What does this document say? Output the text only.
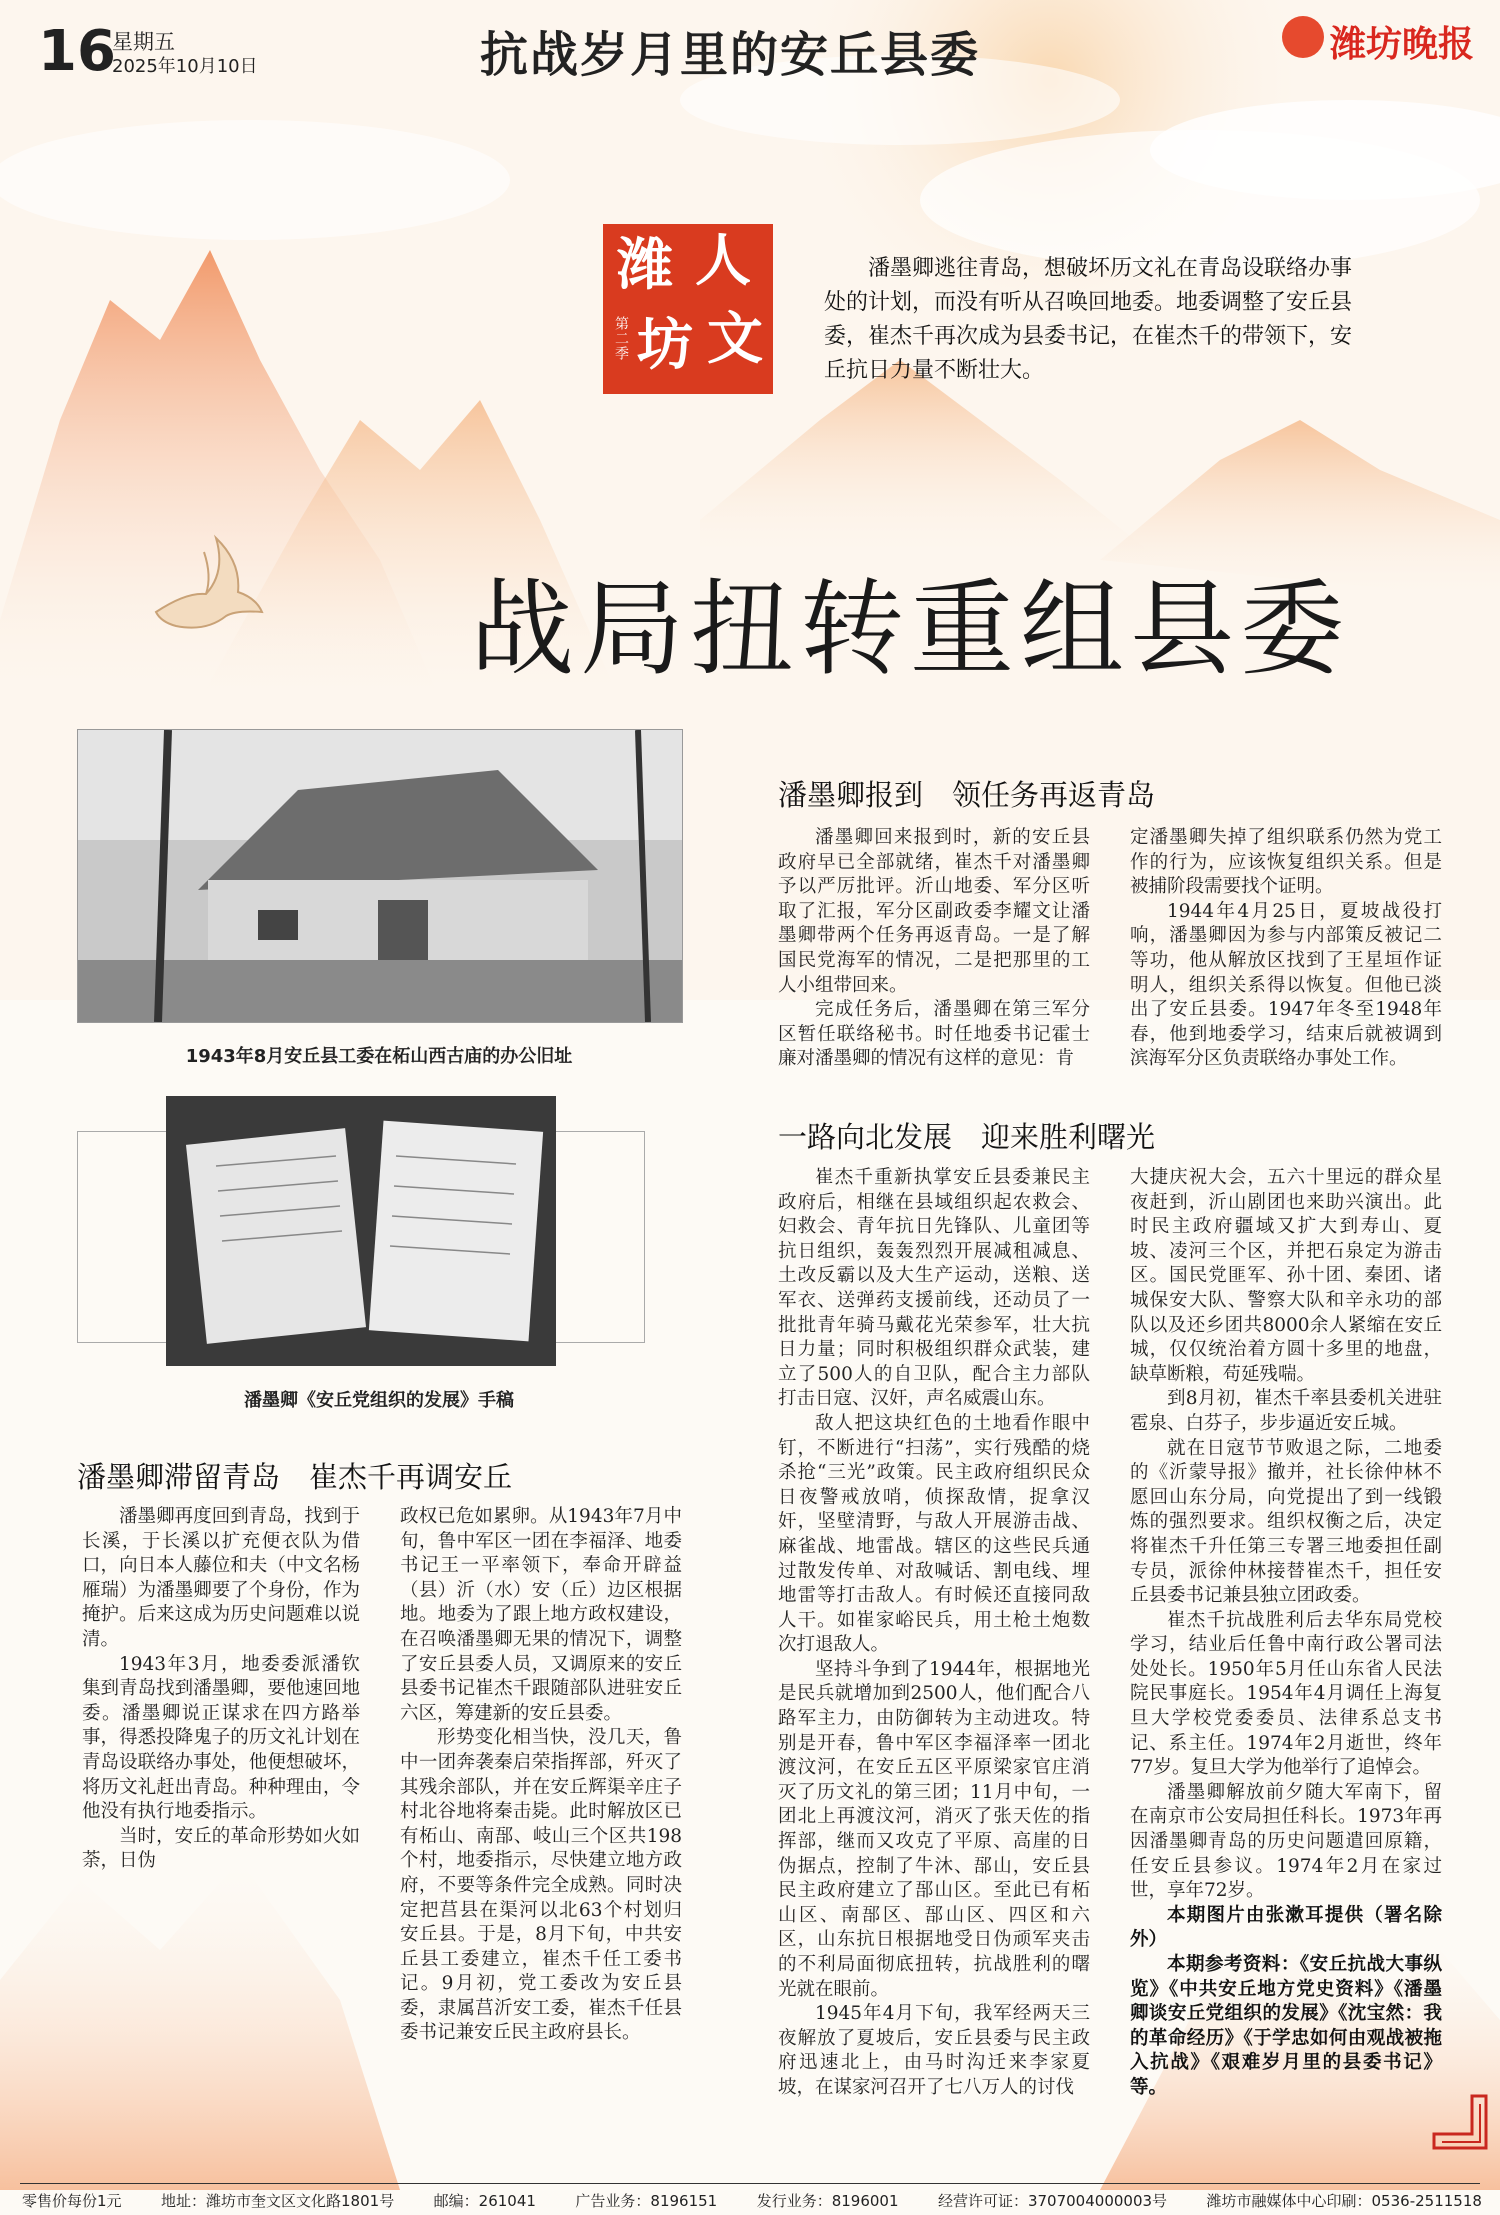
16
星期五
2025年10月10日	抗战岁月里的安丘县委	潍坊晚报
潍 人
坊 文
第二季
潘墨卿逃往青岛，想破坏历文礼在青岛设联络办事处的计划，而没有听从召唤回地委。地委调整了安丘县委，崔杰千再次成为县委书记，在崔杰千的带领下，安丘抗日力量不断壮大。
战局扭转重组县委
1943年8月安丘县工委在柘山西古庙的办公旧址
潘墨卿《安丘党组织的发展》手稿
潘墨卿报到　领任务再返青岛

潘墨卿回来报到时，新的安丘县政府早已全部就绪，崔杰千对潘墨卿予以严厉批评。沂山地委、军分区听取了汇报，军分区副政委李耀文让潘墨卿带两个任务再返青岛。一是了解国民党海军的情况，二是把那里的工人小组带回来。

完成任务后，潘墨卿在第三军分区暂任联络秘书。时任地委书记霍士廉对潘墨卿的情况有这样的意见：肯

定潘墨卿失掉了组织联系仍然为党工作的行为，应该恢复组织关系。但是被捕阶段需要找个证明。

1944年4月25日，夏坡战役打响，潘墨卿因为参与内部策反被记二等功，他从解放区找到了王星垣作证明人，组织关系得以恢复。但他已淡出了安丘县委。1947年冬至1948年春，他到地委学习，结束后就被调到滨海军分区负责联络办事处工作。

一路向北发展　迎来胜利曙光

崔杰千重新执掌安丘县委兼民主政府后，相继在县域组织起农救会、妇救会、青年抗日先锋队、儿童团等抗日组织，轰轰烈烈开展减租减息、土改反霸以及大生产运动，送粮、送军衣、送弹药支援前线，还动员了一批批青年骑马戴花光荣参军，壮大抗日力量；同时积极组织群众武装，建立了500人的自卫队，配合主力部队打击日寇、汉奸，声名威震山东。

敌人把这块红色的土地看作眼中钉，不断进行“扫荡”，实行残酷的烧杀抢“三光”政策。民主政府组织民众日夜警戒放哨，侦探敌情，捉拿汉奸，坚壁清野，与敌人开展游击战、麻雀战、地雷战。辖区的这些民兵通过散发传单、对敌喊话、割电线、埋地雷等打击敌人。有时候还直接同敌人干。如崔家峪民兵，用土枪土炮数次打退敌人。

坚持斗争到了1944年，根据地光是民兵就增加到2500人，他们配合八路军主力，由防御转为主动进攻。特别是开春，鲁中军区李福泽率一团北渡汶河，在安丘五区平原梁家官庄消灭了历文礼的第三团；11月中旬，一团北上再渡汶河，消灭了张天佐的指挥部，继而又攻克了平原、高崖的日伪据点，控制了牛沐、郚山，安丘县民主政府建立了郚山区。至此已有柘山区、南郚区、郚山区、四区和六区，山东抗日根据地受日伪顽军夹击的不利局面彻底扭转，抗战胜利的曙光就在眼前。

1945年4月下旬，我军经两天三夜解放了夏坡后，安丘县委与民主政府迅速北上，由马时沟迁来李家夏坡，在谋家河召开了七八万人的讨伐

大捷庆祝大会，五六十里远的群众星夜赶到，沂山剧团也来助兴演出。此时民主政府疆域又扩大到寿山、夏坡、凌河三个区，并把石泉定为游击区。国民党匪军、孙十团、秦团、诸城保安大队、警察大队和辛永功的部队以及还乡团共8000余人紧缩在安丘城，仅仅统治着方圆十多里的地盘，缺草断粮，苟延残喘。

到8月初，崔杰千率县委机关进驻雹泉、白芬子，步步逼近安丘城。

就在日寇节节败退之际，二地委的《沂蒙导报》撤并，社长徐仲林不愿回山东分局，向党提出了到一线锻炼的强烈要求。组织权衡之后，决定将崔杰千升任第三专署三地委担任副专员，派徐仲林接替崔杰千，担任安丘县委书记兼县独立团政委。

崔杰千抗战胜利后去华东局党校学习，结业后任鲁中南行政公署司法处处长。1950年5月任山东省人民法院民事庭长。1954年4月调任上海复旦大学校党委委员、法律系总支书记、系主任。1974年2月逝世，终年77岁。复旦大学为他举行了追悼会。

潘墨卿解放前夕随大军南下，留在南京市公安局担任科长。1973年再因潘墨卿青岛的历史问题遣回原籍，任安丘县参议。1974年2月在家过世，享年72岁。

本期图片由张漱耳提供（署名除外）

本期参考资料：《安丘抗战大事纵览》《中共安丘地方党史资料》《潘墨卿谈安丘党组织的发展》《沈宝然：我的革命经历》《于学忠如何由观战被拖入抗战》《艰难岁月里的县委书记》等。

潘墨卿滞留青岛　崔杰千再调安丘

潘墨卿再度回到青岛，找到于长溪，于长溪以扩充便衣队为借口，向日本人藤位和夫（中文名杨雁瑞）为潘墨卿要了个身份，作为掩护。后来这成为历史问题难以说清。

1943年3月，地委委派潘钦集到青岛找到潘墨卿，要他速回地委。潘墨卿说正谋求在四方路举事，得悉投降鬼子的历文礼计划在青岛设联络办事处，他便想破坏，将历文礼赶出青岛。种种理由，令他没有执行地委指示。

当时，安丘的革命形势如火如荼，日伪

政权已危如累卵。从1943年7月中旬，鲁中军区一团在李福泽、地委书记王一平率领下，奉命开辟益（县）沂（水）安（丘）边区根据地。地委为了跟上地方政权建设，在召唤潘墨卿无果的情况下，调整了安丘县委人员，又调原来的安丘县委书记崔杰千跟随部队进驻安丘六区，筹建新的安丘县委。

形势变化相当快，没几天，鲁中一团奔袭秦启荣指挥部，歼灭了其残余部队，并在安丘辉渠辛庄子村北谷地将秦击毙。此时解放区已有柘山、南郚、岐山三个区共198个村，地委指示，尽快建立地方政府，不要等条件完全成熟。同时决定把莒县在渠河以北63个村划归安丘县。于是，8月下旬，中共安丘县工委建立，崔杰千任工委书记。9月初，党工委改为安丘县委，隶属莒沂安工委，崔杰千任县委书记兼安丘民主政府县长。

零售价每份1元	地址：潍坊市奎文区文化路1801号	邮编：261041	广告业务：8196151	发行业务：8196001	经营许可证：3707004000003号	潍坊市融媒体中心印刷：0536-2511518
